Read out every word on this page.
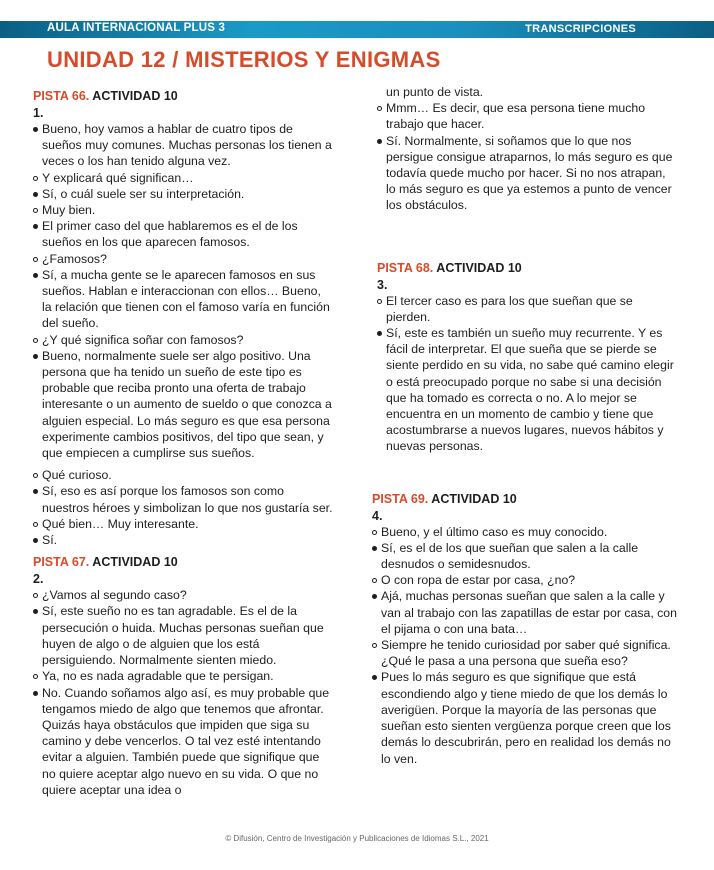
AULA INTERNACIONAL PLUS 3	TRANSCRIPCIONES
UNIDAD 12 / MISTERIOS Y ENIGMAS
PISTA 66. ACTIVIDAD 10
1.
Bueno, hoy vamos a hablar de cuatro tipos de sueños muy comunes. Muchas personas los tienen a veces o los han tenido alguna vez.
Y explicará qué significan…
Sí, o cuál suele ser su interpretación.
Muy bien.
El primer caso del que hablaremos es el de los sueños en los que aparecen famosos.
¿Famosos?
Sí, a mucha gente se le aparecen famosos en sus sueños. Hablan e interaccionan con ellos… Bueno, la relación que tienen con el famoso varía en función del sueño.
¿Y qué significa soñar con famosos?
Bueno, normalmente suele ser algo positivo. Una persona que ha tenido un sueño de este tipo es probable que reciba pronto una oferta de trabajo interesante o un aumento de sueldo o que conozca a alguien especial. Lo más seguro es que esa persona experimente cambios positivos, del tipo que sean, y que empiecen a cumplirse sus sueños.
Qué curioso.
Sí, eso es así porque los famosos son como nuestros héroes y simbolizan lo que nos gustaría ser.
Qué bien… Muy interesante.
Sí.
PISTA 67. ACTIVIDAD 10
2.
¿Vamos al segundo caso?
Sí, este sueño no es tan agradable. Es el de la persecución o huida. Muchas personas sueñan que huyen de algo o de alguien que los está persiguiendo. Normalmente sienten miedo.
Ya, no es nada agradable que te persigan.
No. Cuando soñamos algo así, es muy probable que tengamos miedo de algo que tenemos que afrontar. Quizás haya obstáculos que impiden que siga su camino y debe vencerlos. O tal vez esté intentando evitar a alguien. También puede que signifique que no quiere aceptar algo nuevo en su vida. O que no quiere aceptar una idea o
un punto de vista.
Mmm… Es decir, que esa persona tiene mucho trabajo que hacer.
Sí. Normalmente, si soñamos que lo que nos persigue consigue atraparnos, lo más seguro es que todavía quede mucho por hacer. Si no nos atrapan, lo más seguro es que ya estemos a punto de vencer los obstáculos.
PISTA 68. ACTIVIDAD 10
3.
El tercer caso es para los que sueñan que se pierden.
Sí, este es también un sueño muy recurrente. Y es fácil de interpretar. El que sueña que se pierde se siente perdido en su vida, no sabe qué camino elegir o está preocupado porque no sabe si una decisión que ha tomado es correcta o no. A lo mejor se encuentra en un momento de cambio y tiene que acostumbrarse a nuevos lugares, nuevos hábitos y nuevas personas.
PISTA 69. ACTIVIDAD 10
4.
Bueno, y el último caso es muy conocido.
Sí, es el de los que sueñan que salen a la calle desnudos o semidesnudos.
O con ropa de estar por casa, ¿no?
Ajá, muchas personas sueñan que salen a la calle y van al trabajo con las zapatillas de estar por casa, con el pijama o con una bata…
Siempre he tenido curiosidad por saber qué significa. ¿Qué le pasa a una persona que sueña eso?
Pues lo más seguro es que signifique que está escondiendo algo y tiene miedo de que los demás lo averigüen. Porque la mayoría de las personas que sueñan esto sienten vergüenza porque creen que los demás lo descubrirán, pero en realidad los demás no lo ven.
© Difusión, Centro de Investigación y Publicaciones de Idiomas S.L., 2021
